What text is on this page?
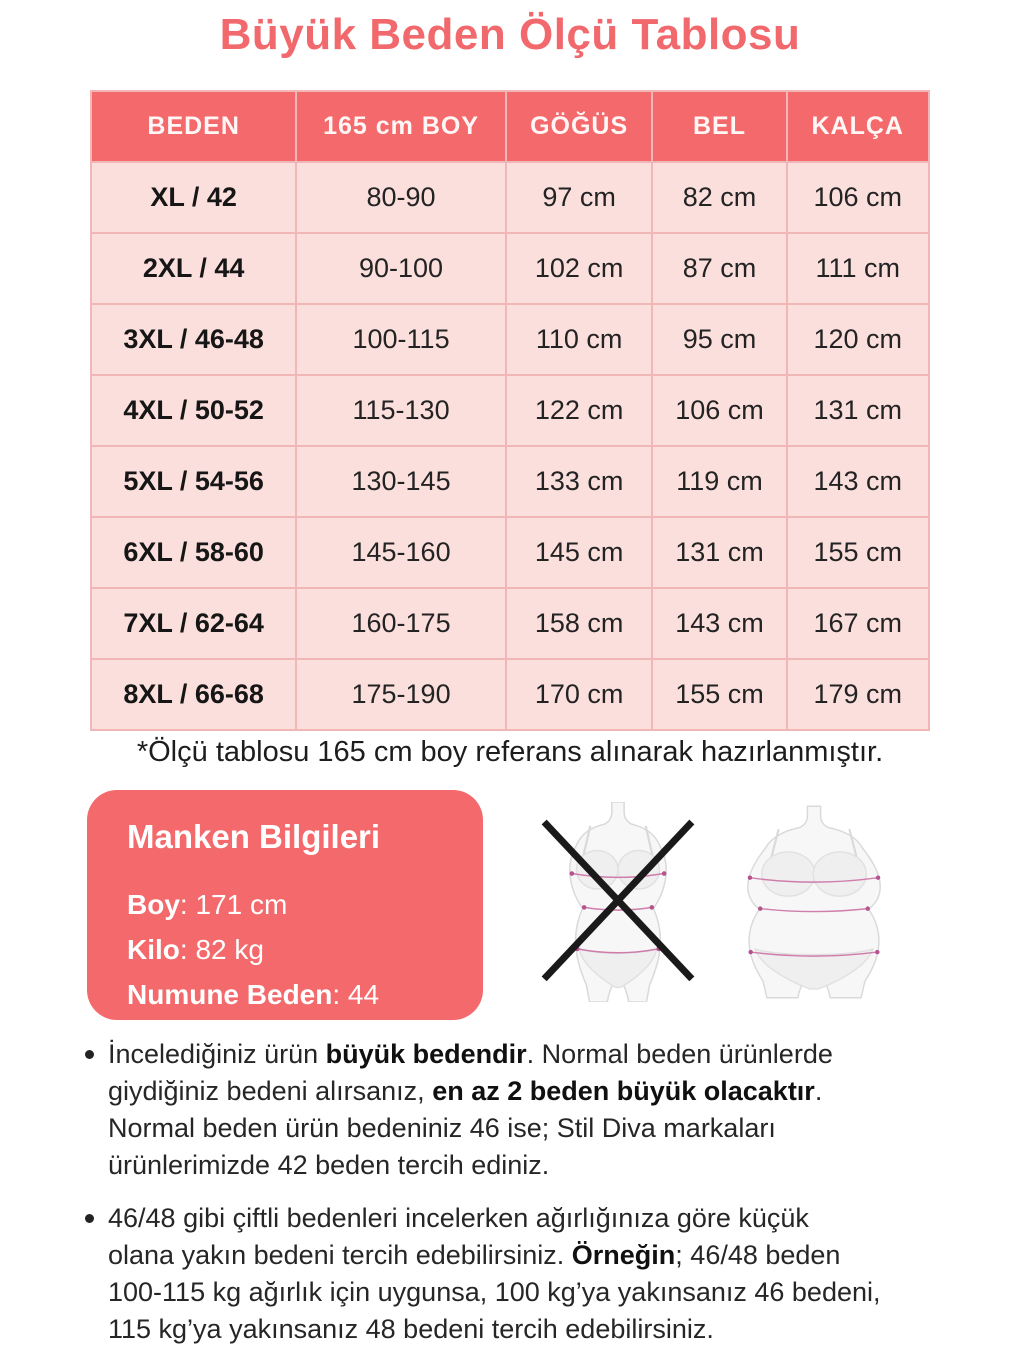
Büyük Beden Ölçü Tablosu
BEDEN	165 cm BOY	GÖĞÜS	BEL	KALÇA
XL / 42	80-90	97 cm	82 cm	106 cm
2XL / 44	90-100	102 cm	87 cm	111 cm
3XL / 46-48	100-115	110 cm	95 cm	120 cm
4XL / 50-52	115-130	122 cm	106 cm	131 cm
5XL / 54-56	130-145	133 cm	119 cm	143 cm
6XL / 58-60	145-160	145 cm	131 cm	155 cm
7XL / 62-64	160-175	158 cm	143 cm	167 cm
8XL / 66-68	175-190	170 cm	155 cm	179 cm

*Ölçü tablosu 165 cm boy referans alınarak hazırlanmıştır.

Manken Bilgileri
Boy: 171 cm
Kilo: 82 kg
Numune Beden: 44
İncelediğiniz ürün büyük bedendir. Normal beden ürünlerde
giydiğiniz bedeni alırsanız, en az 2 beden büyük olacaktır.
Normal beden ürün bedeniniz 46 ise; Stil Diva markaları
ürünlerimizde 42 beden tercih ediniz.
46/48 gibi çiftli bedenleri incelerken ağırlığınıza göre küçük
olana yakın bedeni tercih edebilirsiniz. Örneğin; 46/48 beden
100-115 kg ağırlık için uygunsa, 100 kg’ya yakınsanız 46 bedeni,
115 kg’ya yakınsanız 48 bedeni tercih edebilirsiniz.
